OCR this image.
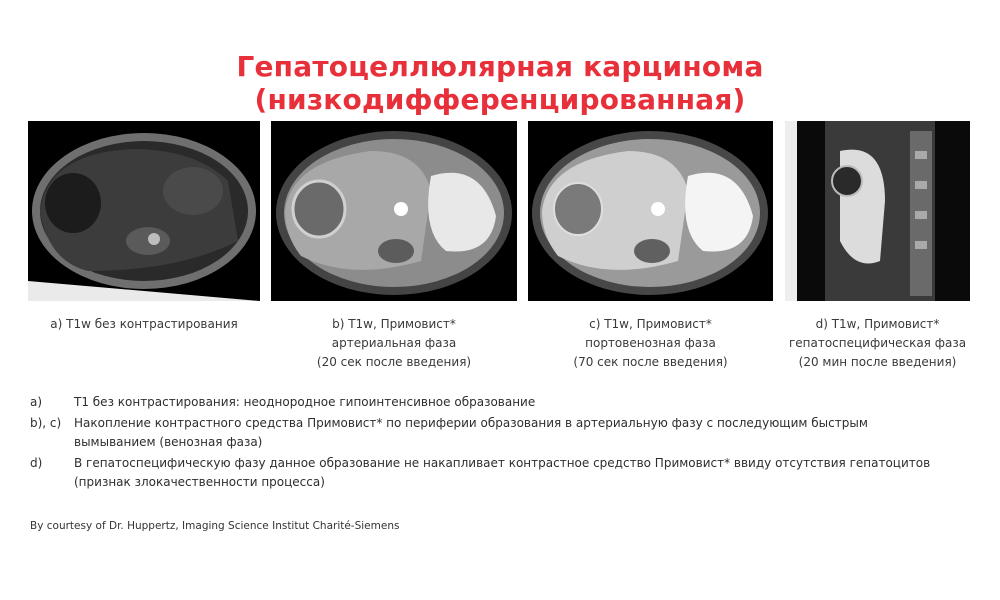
Гепатоцеллюлярная карцинома (низкодифференцированная)
a) T1w без контрастирования	b) T1w, Примовист*
артериальная фаза
(20 сек после введения)
c) T1w, Примовист*
портовенозная фаза
(70 сек после введения)
d) T1w, Примовист*
гепатоспецифическая фаза
(20 мин после введения)
a)	T1 без контрастирования: неоднородное гипоинтенсивное образование
b), c)	Накопление контрастного средства Примовист* по периферии образования в артериальную фазу с последующим быстрым
вымыванием (венозная фаза)
d)	В гепатоспецифическую фазу данное образование не накапливает контрастное средство Примовист* ввиду отсутствия гепатоцитов
(признак злокачественности процесса)
By courtesy of Dr. Huppertz, Imaging Science Institut Charité-Siemens
